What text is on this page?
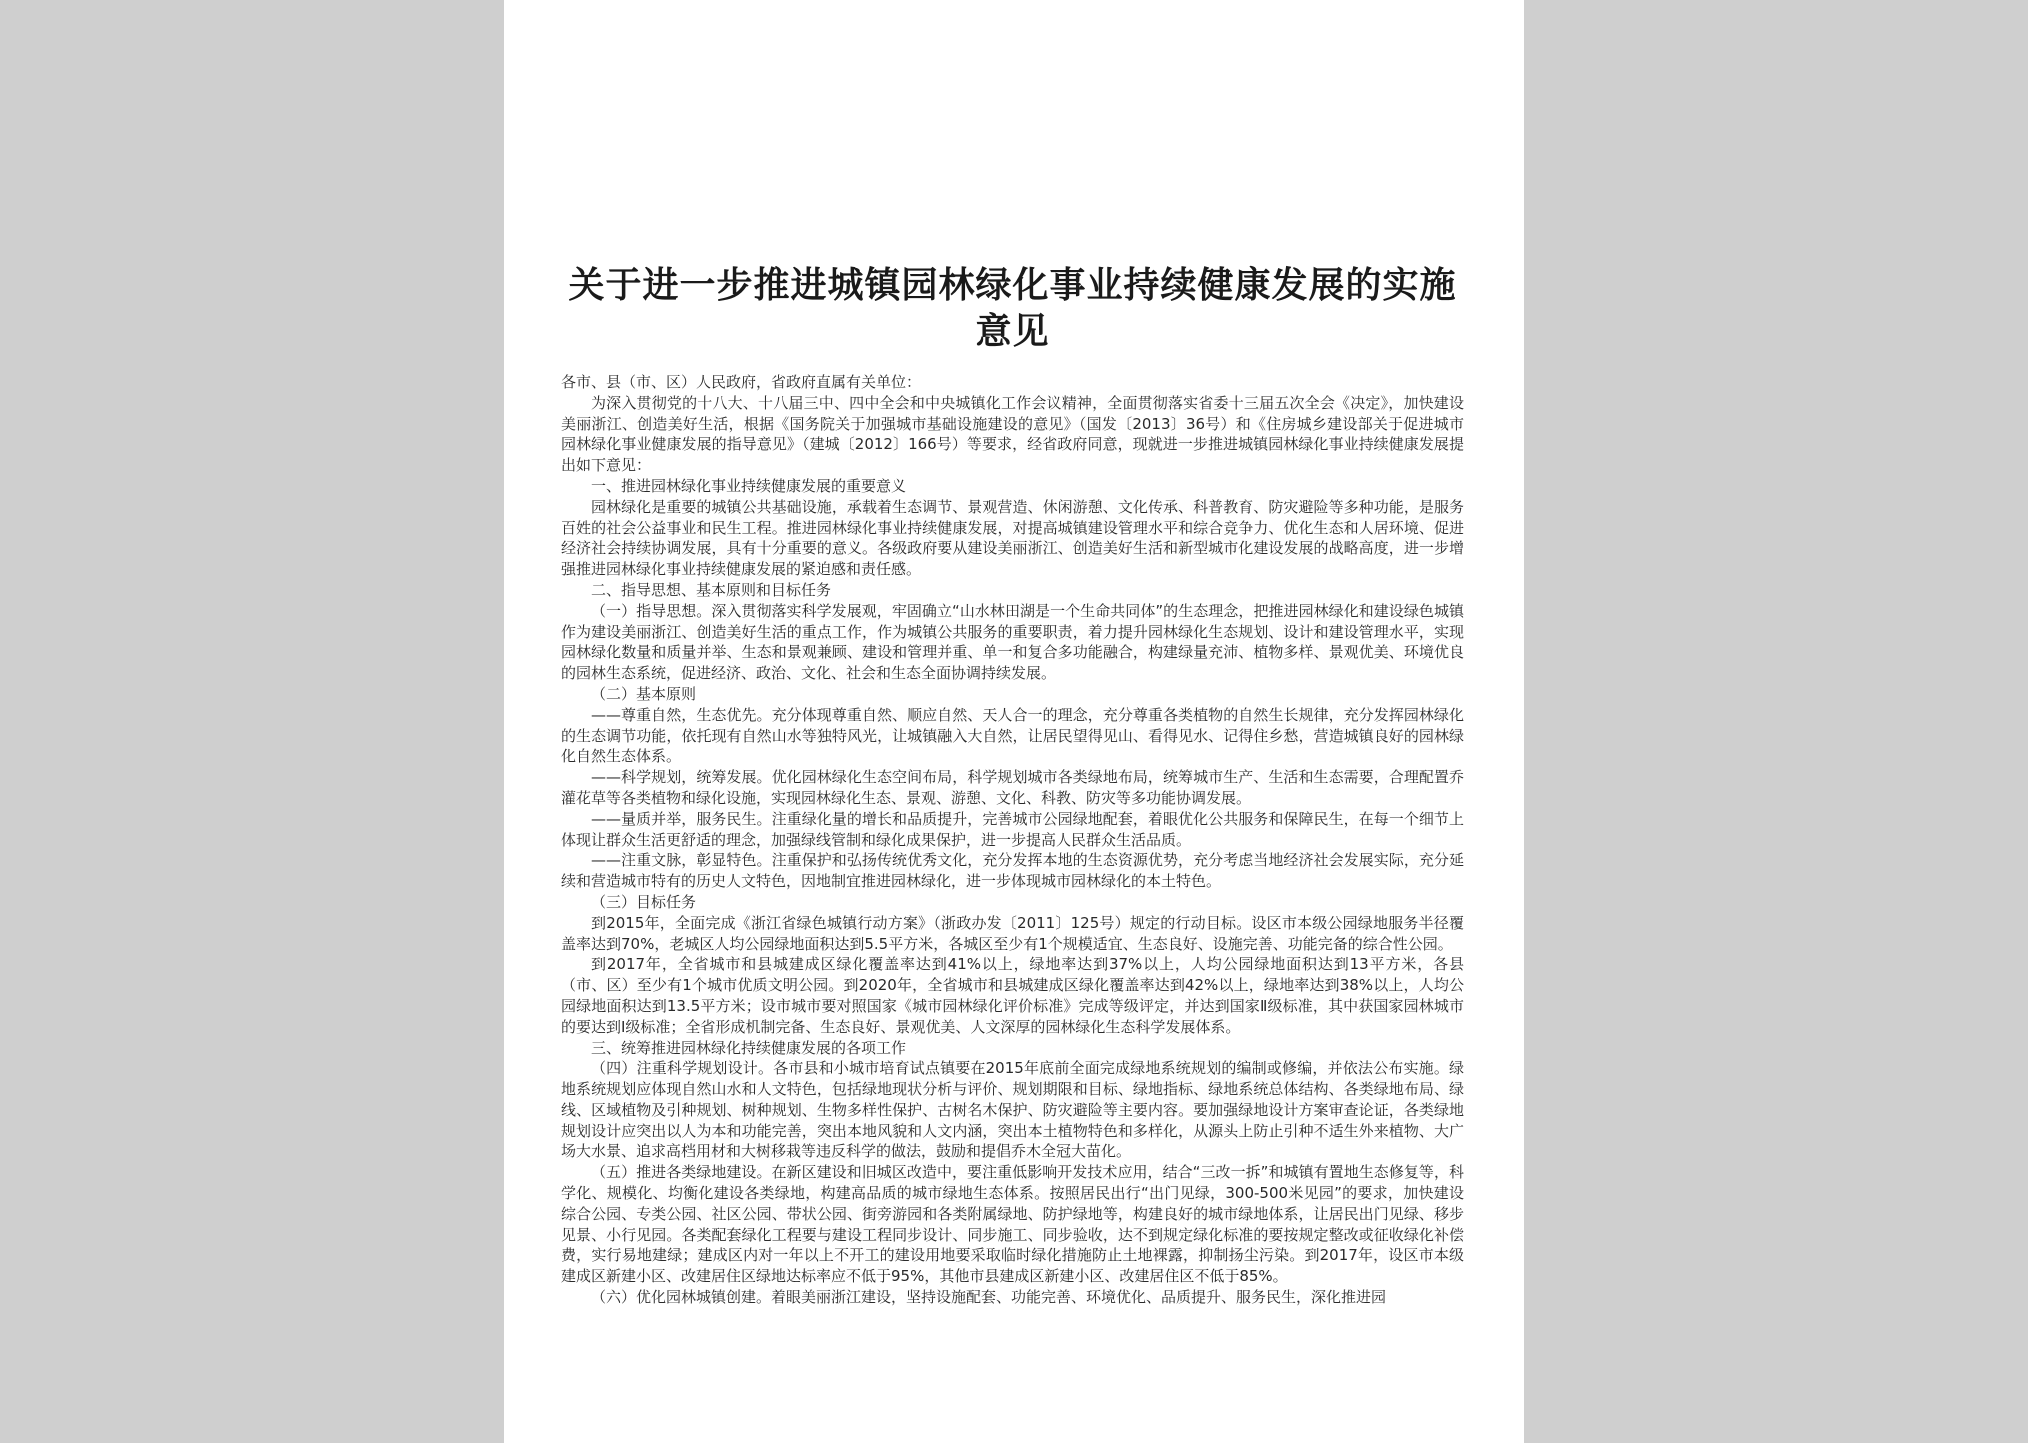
关于进一步推进城镇园林绿化事业持续健康发展的实施意见

各市、县（市、区）人民政府，省政府直属有关单位：

为深入贯彻党的十八大、十八届三中、四中全会和中央城镇化工作会议精神，全面贯彻落实省委十三届五次全会《决定》，加快建设美丽浙江、创造美好生活，根据《国务院关于加强城市基础设施建设的意见》（国发〔2013〕36号）和《住房城乡建设部关于促进城市园林绿化事业健康发展的指导意见》（建城〔2012〕166号）等要求，经省政府同意，现就进一步推进城镇园林绿化事业持续健康发展提出如下意见：

一、推进园林绿化事业持续健康发展的重要意义

园林绿化是重要的城镇公共基础设施，承载着生态调节、景观营造、休闲游憩、文化传承、科普教育、防灾避险等多种功能，是服务百姓的社会公益事业和民生工程。推进园林绿化事业持续健康发展，对提高城镇建设管理水平和综合竞争力、优化生态和人居环境、促进经济社会持续协调发展，具有十分重要的意义。各级政府要从建设美丽浙江、创造美好生活和新型城市化建设发展的战略高度，进一步增强推进园林绿化事业持续健康发展的紧迫感和责任感。

二、指导思想、基本原则和目标任务

（一）指导思想。深入贯彻落实科学发展观，牢固确立“山水林田湖是一个生命共同体”的生态理念，把推进园林绿化和建设绿色城镇作为建设美丽浙江、创造美好生活的重点工作，作为城镇公共服务的重要职责，着力提升园林绿化生态规划、设计和建设管理水平，实现园林绿化数量和质量并举、生态和景观兼顾、建设和管理并重、单一和复合多功能融合，构建绿量充沛、植物多样、景观优美、环境优良的园林生态系统，促进经济、政治、文化、社会和生态全面协调持续发展。

（二）基本原则

——尊重自然，生态优先。充分体现尊重自然、顺应自然、天人合一的理念，充分尊重各类植物的自然生长规律，充分发挥园林绿化的生态调节功能，依托现有自然山水等独特风光，让城镇融入大自然，让居民望得见山、看得见水、记得住乡愁，营造城镇良好的园林绿化自然生态体系。

——科学规划，统筹发展。优化园林绿化生态空间布局，科学规划城市各类绿地布局，统筹城市生产、生活和生态需要，合理配置乔灌花草等各类植物和绿化设施，实现园林绿化生态、景观、游憩、文化、科教、防灾等多功能协调发展。

——量质并举，服务民生。注重绿化量的增长和品质提升，完善城市公园绿地配套，着眼优化公共服务和保障民生，在每一个细节上体现让群众生活更舒适的理念，加强绿线管制和绿化成果保护，进一步提高人民群众生活品质。

——注重文脉，彰显特色。注重保护和弘扬传统优秀文化，充分发挥本地的生态资源优势，充分考虑当地经济社会发展实际，充分延续和营造城市特有的历史人文特色，因地制宜推进园林绿化，进一步体现城市园林绿化的本土特色。

（三）目标任务

到2015年，全面完成《浙江省绿色城镇行动方案》（浙政办发〔2011〕125号）规定的行动目标。设区市本级公园绿地服务半径覆盖率达到70%，老城区人均公园绿地面积达到5.5平方米，各城区至少有1个规模适宜、生态良好、设施完善、功能完备的综合性公园。

到2017年，全省城市和县城建成区绿化覆盖率达到41%以上，绿地率达到37%以上，人均公园绿地面积达到13平方米，各县（市、区）至少有1个城市优质文明公园。到2020年，全省城市和县城建成区绿化覆盖率达到42%以上，绿地率达到38%以上，人均公园绿地面积达到13.5平方米；设市城市要对照国家《城市园林绿化评价标准》完成等级评定，并达到国家Ⅱ级标准，其中获国家园林城市的要达到Ⅰ级标准；全省形成机制完备、生态良好、景观优美、人文深厚的园林绿化生态科学发展体系。

三、统筹推进园林绿化持续健康发展的各项工作

（四）注重科学规划设计。各市县和小城市培育试点镇要在2015年底前全面完成绿地系统规划的编制或修编，并依法公布实施。绿地系统规划应体现自然山水和人文特色，包括绿地现状分析与评价、规划期限和目标、绿地指标、绿地系统总体结构、各类绿地布局、绿线、区域植物及引种规划、树种规划、生物多样性保护、古树名木保护、防灾避险等主要内容。要加强绿地设计方案审查论证，各类绿地规划设计应突出以人为本和功能完善，突出本地风貌和人文内涵，突出本土植物特色和多样化，从源头上防止引种不适生外来植物、大广场大水景、追求高档用材和大树移栽等违反科学的做法，鼓励和提倡乔木全冠大苗化。

（五）推进各类绿地建设。在新区建设和旧城区改造中，要注重低影响开发技术应用，结合“三改一拆”和城镇有置地生态修复等，科学化、规模化、均衡化建设各类绿地，构建高品质的城市绿地生态体系。按照居民出行“出门见绿，300-500米见园”的要求，加快建设综合公园、专类公园、社区公园、带状公园、街旁游园和各类附属绿地、防护绿地等，构建良好的城市绿地体系，让居民出门见绿、移步见景、小行见园。各类配套绿化工程要与建设工程同步设计、同步施工、同步验收，达不到规定绿化标准的要按规定整改或征收绿化补偿费，实行易地建绿；建成区内对一年以上不开工的建设用地要采取临时绿化措施防止土地裸露，抑制扬尘污染。到2017年，设区市本级建成区新建小区、改建居住区绿地达标率应不低于95%，其他市县建成区新建小区、改建居住区不低于85%。

（六）优化园林城镇创建。着眼美丽浙江建设，坚持设施配套、功能完善、环境优化、品质提升、服务民生，深化推进园
